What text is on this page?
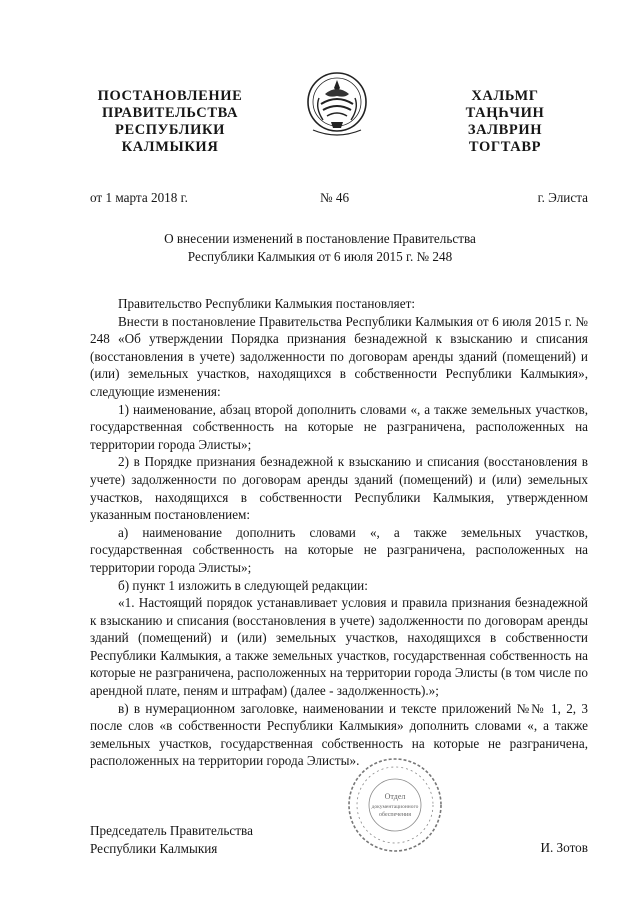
ПОСТАНОВЛЕНИЕ
ПРАВИТЕЛЬСТВА
РЕСПУБЛИКИ
КАЛМЫКИЯ
ХАЛЬМГ
ТАҢҺЧИН
ЗАЛВРИН
ТОГТАВР
от 1 марта 2018 г.	№ 46	г. Элиста
О внесении изменений в постановление Правительства
Республики Калмыкия от 6 июля 2015 г. № 248

Правительство Республики Калмыкия постановляет:

Внести в постановление Правительства Республики Калмыкия от 6 июля 2015 г. № 248 «Об утверждении Порядка признания безнадежной к взысканию и списания (восстановления в учете) задолженности по договорам аренды зданий (помещений) и (или) земельных участков, находящихся в собственности Республики Калмыкия», следующие изменения:

1) наименование, абзац второй дополнить словами «, а также земельных участков, государственная собственность на которые не разграничена, расположенных на территории города Элисты»;

2) в Порядке признания безнадежной к взысканию и списания (восстановления в учете) задолженности по договорам аренды зданий (помещений) и (или) земельных участков, находящихся в собственности Республики Калмыкия, утвержденном указанным постановлением:

а) наименование дополнить словами «, а также земельных участков, государственная собственность на которые не разграничена, расположенных на территории города Элисты»;

б) пункт 1 изложить в следующей редакции:

«1. Настоящий порядок устанавливает условия и правила признания безнадежной к взысканию и списания (восстановления в учете) задолженности по договорам аренды зданий (помещений) и (или) земельных участков, находящихся в собственности Республики Калмыкия, а также земельных участков, государственная собственность на которые не разграничена, расположенных на территории города Элисты (в том числе по арендной плате, пеням и штрафам) (далее - задолженность).»;

в) в нумерационном заголовке, наименовании и тексте приложений №№ 1, 2, 3 после слов «в собственности Республики Калмыкия» дополнить словами «, а также земельных участков, государственная собственность на которые не разграничена, расположенных на территории города Элисты».

Отдел
документационного
обеспечения
Председатель Правительства
Республики Калмыкия	И. Зотов
